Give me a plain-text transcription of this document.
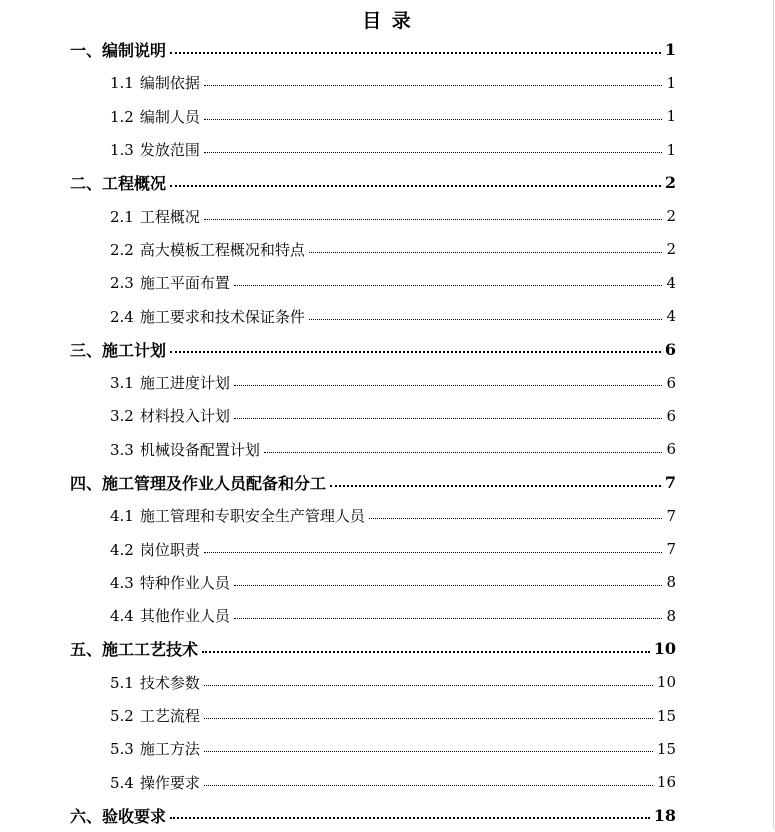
目 录
一、编制说明	1
1.1 编制依据	1
1.2 编制人员	1
1.3 发放范围	1
二、工程概况	2
2.1 工程概况	2
2.2 高大模板工程概况和特点	2
2.3 施工平面布置	4
2.4 施工要求和技术保证条件	4
三、施工计划	6
3.1 施工进度计划	6
3.2 材料投入计划	6
3.3 机械设备配置计划	6
四、施工管理及作业人员配备和分工	7
4.1 施工管理和专职安全生产管理人员	7
4.2 岗位职责	7
4.3 特种作业人员	8
4.4 其他作业人员	8
五、施工工艺技术	10
5.1 技术参数	10
5.2 工艺流程	15
5.3 施工方法	15
5.4 操作要求	16
六、验收要求	18
